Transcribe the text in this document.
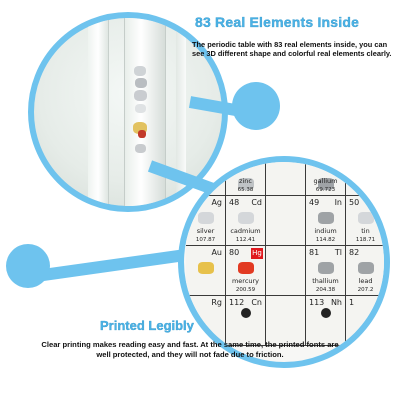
zinc
65.38
gallium
69.723
germ
72.63
Ag
silver
107.87
48 Cd
cadmium
112.41
49 In
indium
114.82
50
tin
118.71
Au 80 Hg
mercury
200.59
81 Tl
thallium
204.38
82
lead
207.2
Rg 112 Cn	113 Nh 1
83 Real Elements Inside
The periodic table with 83 real elements inside, you can see 3D different shape and colorful real elements clearly.
Printed Legibly
Clear printing makes reading easy and fast. At the same time, the printed fonts are well protected, and they will not fade due to friction.
